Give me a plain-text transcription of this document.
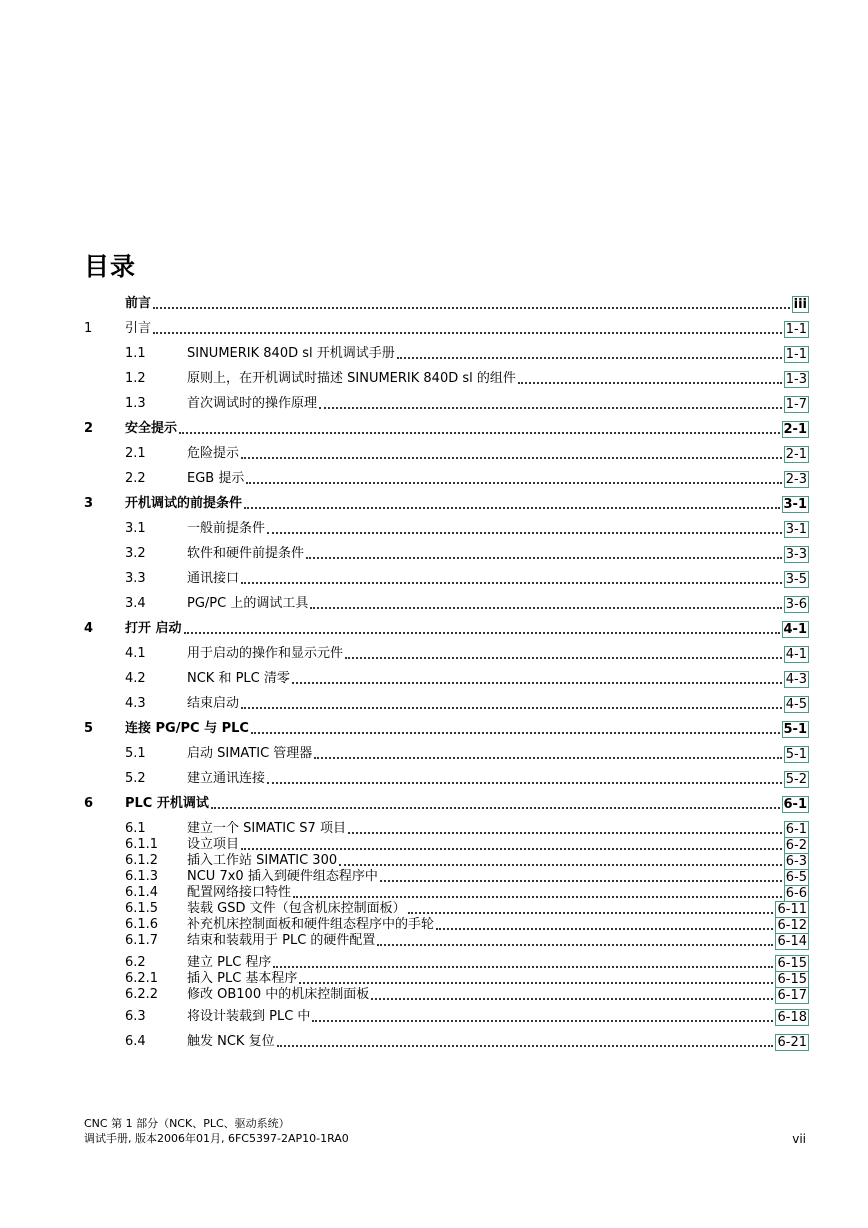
目录
前言	iii
1	引言	1-1
1.1	SINUMERIK 840D sl 开机调试手册	1-1
1.2	原则上，在开机调试时描述 SINUMERIK 840D sl 的组件	1-3
1.3	首次调试时的操作原理	1-7
2 安全提示	2-1
2.1	危险提示	2-1
2.2	EGB 提示	2-3
3 开机调试的前提条件	3-1
3.1	一般前提条件	3-1
3.2	软件和硬件前提条件	3-3
3.3	通讯接口	3-5
3.4	PG/PC 上的调试工具	3-6
4 打开 启动	4-1
4.1	用于启动的操作和显示元件	4-1
4.2	NCK 和 PLC 清零	4-3
4.3	结束启动	4-5
5 连接 PG/PC 与 PLC	5-1
5.1	启动 SIMATIC 管理器	5-1
5.2	建立通讯连接	5-2
6 PLC 开机调试	6-1
6.1	建立一个 SIMATIC S7 项目	6-1
6.1.1 设立项目	6-2
6.1.2 插入工作站 SIMATIC 300	6-3
6.1.3 NCU 7x0 插入到硬件组态程序中	6-5
6.1.4 配置网络接口特性	6-6
6.1.5 装载 GSD 文件（包含机床控制面板）	6-11
6.1.6 补充机床控制面板和硬件组态程序中的手轮	6-12
6.1.7 结束和装载用于 PLC 的硬件配置	6-14
6.2	建立 PLC 程序	6-15
6.2.1 插入 PLC 基本程序	6-15
6.2.2 修改 OB100 中的机床控制面板	6-17
6.3	将设计装载到 PLC 中	6-18
6.4	触发 NCK 复位	6-21
CNC 第 1 部分（NCK、PLC、驱动系统）
调试手册, 版本2006年01月, 6FC5397-2AP10-1RA0	vii
